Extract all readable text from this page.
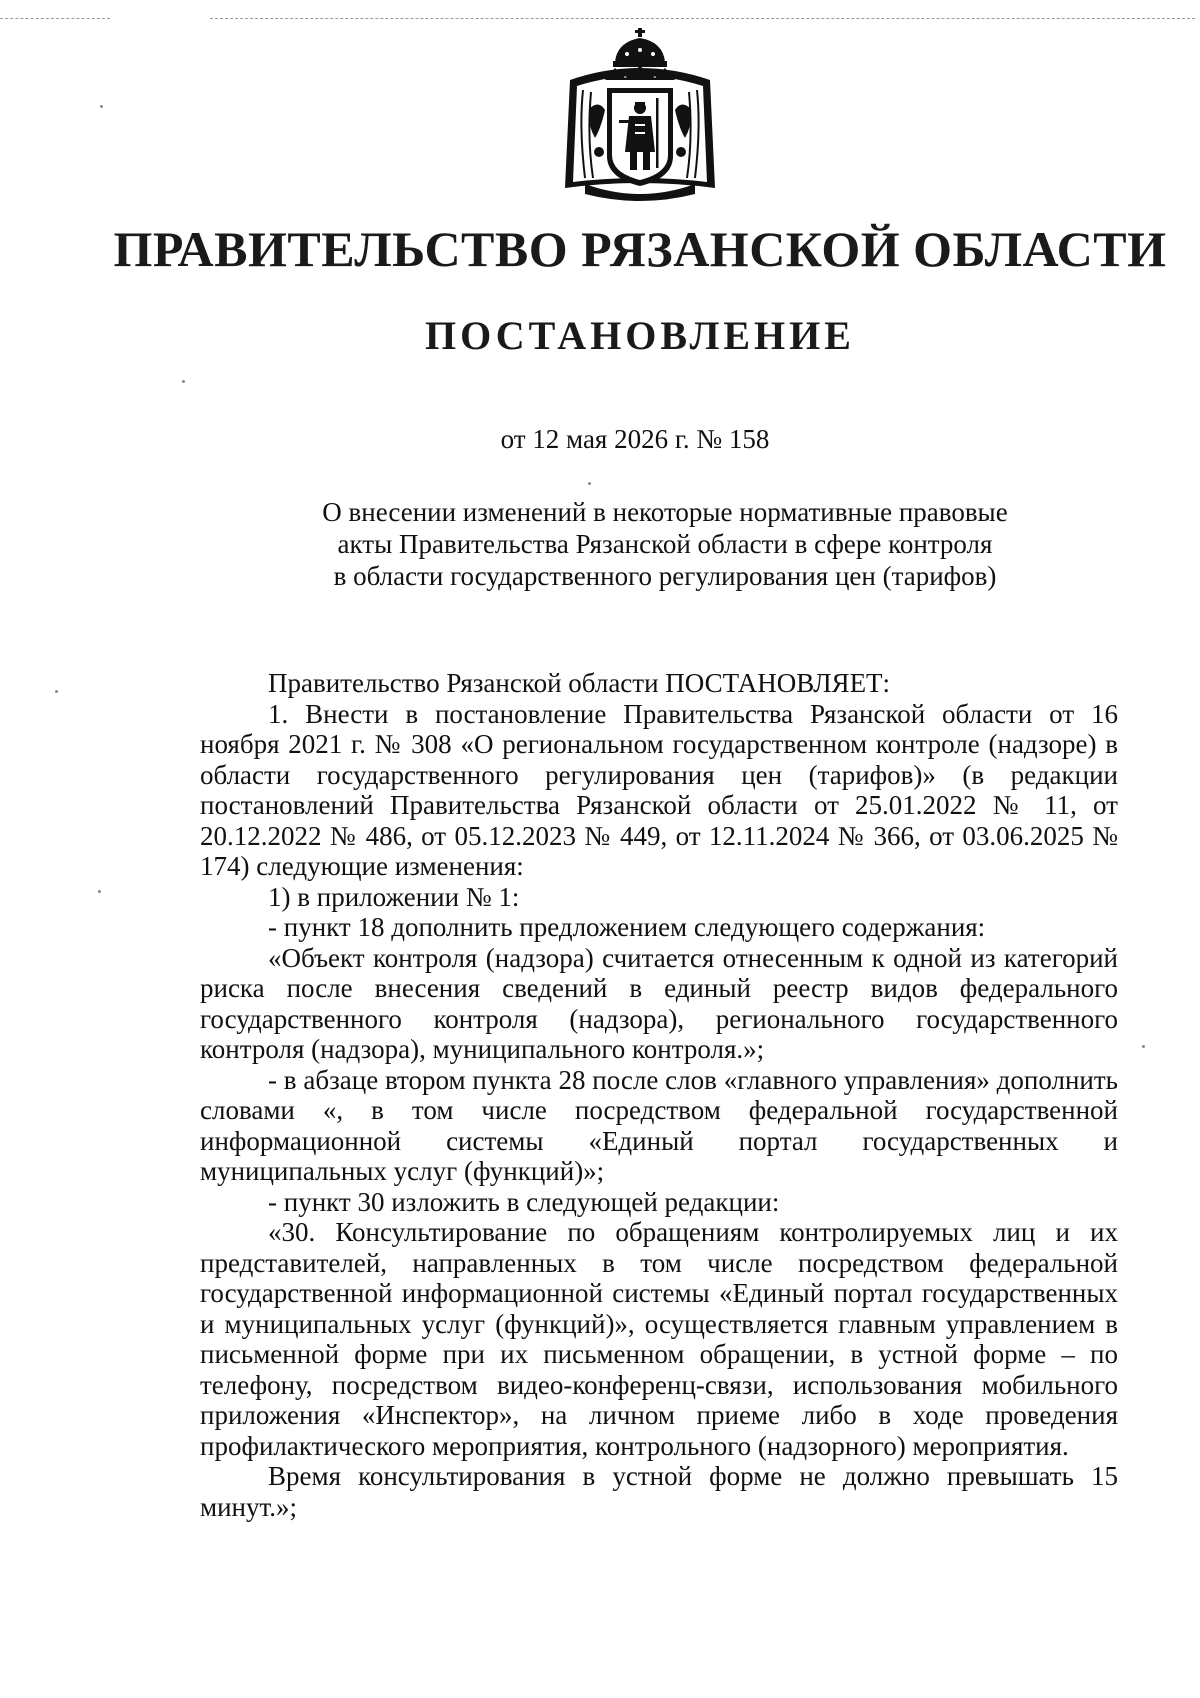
ПРАВИТЕЛЬСТВО РЯЗАНСКОЙ ОБЛАСТИ
ПОСТАНОВЛЕНИЕ
от 12 мая 2026 г. № 158
О внесении изменений в некоторые нормативные правовые
акты Правительства Рязанской области в сфере контроля
в области государственного регулирования цен (тарифов)

Правительство Рязанской области ПОСТАНОВЛЯЕТ:

1. Внести в постановление Правительства Рязанской области от 16 ноября 2021 г. № 308 «О региональном государственном контроле (надзоре) в области государственного регулирования цен (тарифов)» (в редакции постановлений Правительства Рязанской области от 25.01.2022 № 11, от 20.12.2022 № 486, от 05.12.2023 № 449, от 12.11.2024 № 366, от 03.06.2025 № 174) следующие изменения:

1) в приложении № 1:

- пункт 18 дополнить предложением следующего содержания:

«Объект контроля (надзора) считается отнесенным к одной из категорий риска после внесения сведений в единый реестр видов федерального государственного контроля (надзора), регионального государственного контроля (надзора), муниципального контроля.»;

- в абзаце втором пункта 28 после слов «главного управления» дополнить словами «, в том числе посредством федеральной государственной информационной системы «Единый портал государственных и муниципальных услуг (функций)»;

- пункт 30 изложить в следующей редакции:

«30. Консультирование по обращениям контролируемых лиц и их представителей, направленных в том числе посредством федеральной государственной информационной системы «Единый портал государственных и муниципальных услуг (функций)», осуществляется главным управлением в письменной форме при их письменном обращении, в устной форме – по телефону, посредством видео-конференц-связи, использования мобильного приложения «Инспектор», на личном приеме либо в ходе проведения профилактического мероприятия, контрольного (надзорного) мероприятия.

Время консультирования в устной форме не должно превышать 15 минут.»;
